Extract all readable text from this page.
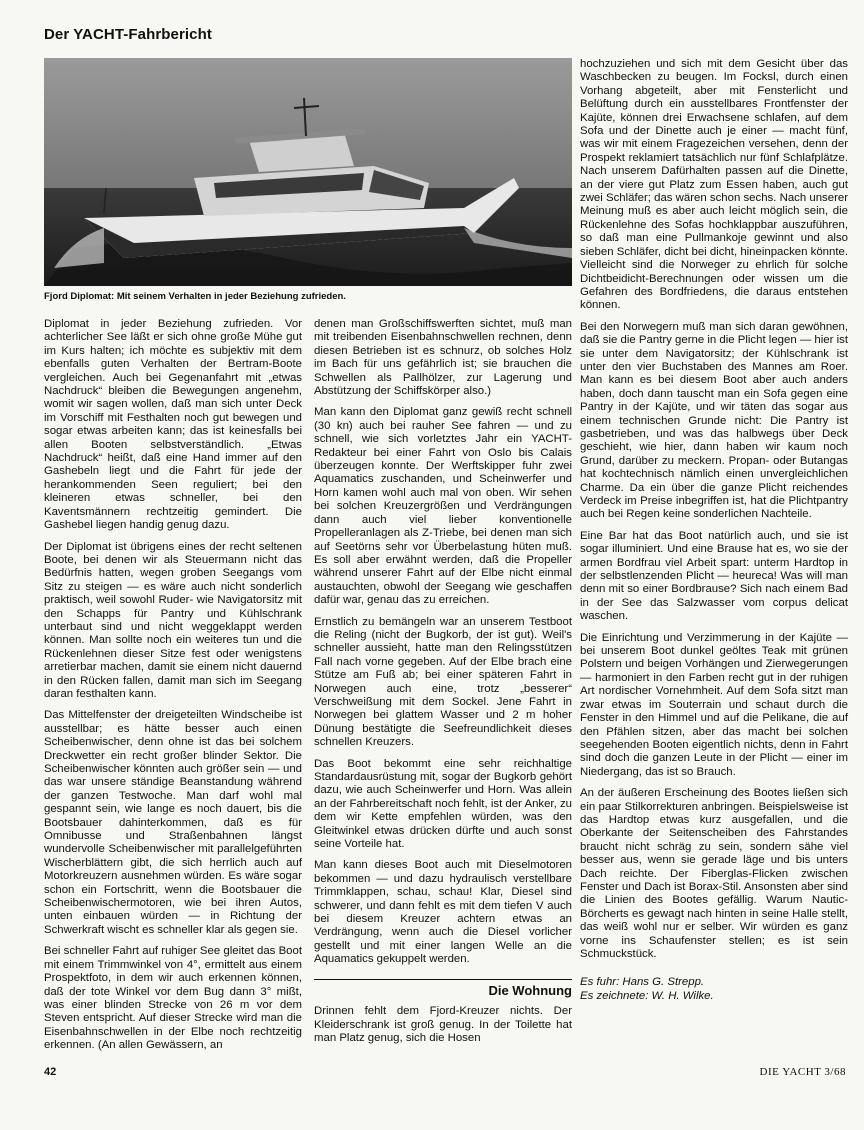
Der YACHT-Fahrbericht
Fjord Diplomat: Mit seinem Verhalten in jeder Beziehung zufrieden.

Diplomat in jeder Beziehung zufrieden. Vor achterlicher See läßt er sich ohne große Mühe gut im Kurs halten; ich möchte es subjektiv mit dem ebenfalls guten Verhalten der Bertram-Boote vergleichen. Auch bei Gegenanfahrt mit „etwas Nachdruck“ bleiben die Bewegungen angenehm, womit wir sagen wollen, daß man sich unter Deck im Vorschiff mit Festhalten noch gut bewegen und sogar etwas arbeiten kann; das ist keinesfalls bei allen Booten selbstverständlich. „Etwas Nachdruck“ heißt, daß eine Hand immer auf den Gashebeln liegt und die Fahrt für jede der herankommenden Seen reguliert; bei den kleineren etwas schneller, bei den Kaventsmännern rechtzeitig gemindert. Die Gashebel liegen handig genug dazu.

Der Diplomat ist übrigens eines der recht seltenen Boote, bei denen wir als Steuermann nicht das Bedürfnis hatten, wegen groben Seegangs vom Sitz zu steigen — es wäre auch nicht sonderlich praktisch, weil sowohl Ruder- wie Navigatorsitz mit den Schapps für Pantry und Kühlschrank unterbaut sind und nicht weggeklappt werden können. Man sollte noch ein weiteres tun und die Rückenlehnen dieser Sitze fest oder wenigstens arretierbar machen, damit sie einem nicht dauernd in den Rücken fallen, damit man sich im Seegang daran festhalten kann.

Das Mittelfenster der dreigeteilten Windscheibe ist ausstellbar; es hätte besser auch einen Scheibenwischer, denn ohne ist das bei solchem Dreckwetter ein recht großer blinder Sektor. Die Scheibenwischer könnten auch größer sein — und das war unsere ständige Beanstandung während der ganzen Testwoche. Man darf wohl mal gespannt sein, wie lange es noch dauert, bis die Bootsbauer dahinterkommen, daß es für Omnibusse und Straßenbahnen längst wundervolle Scheibenwischer mit parallelgeführten Wischerblättern gibt, die sich herrlich auch auf Motorkreuzern ausnehmen würden. Es wäre sogar schon ein Fortschritt, wenn die Bootsbauer die Scheibenwischermotoren, wie bei ihren Autos, unten einbauen würden — in Richtung der Schwerkraft wischt es schneller klar als gegen sie.

Bei schneller Fahrt auf ruhiger See gleitet das Boot mit einem Trimmwinkel von 4°, ermittelt aus einem Prospektfoto, in dem wir auch erkennen können, daß der tote Winkel vor dem Bug dann 3° mißt, was einer blinden Strecke von 26 m vor dem Steven entspricht. Auf dieser Strecke wird man die Eisenbahnschwellen in der Elbe noch rechtzeitig erkennen. (An allen Gewässern, an

denen man Großschiffswerften sichtet, muß man mit treibenden Eisenbahnschwellen rechnen, denn diesen Betrieben ist es schnurz, ob solches Holz im Bach für uns gefährlich ist; sie brauchen die Schwellen als Pallhölzer, zur Lagerung und Abstützung der Schiffskörper also.)

Man kann den Diplomat ganz gewiß recht schnell (30 kn) auch bei rauher See fahren — und zu schnell, wie sich vorletztes Jahr ein YACHT-Redakteur bei einer Fahrt von Oslo bis Calais überzeugen konnte. Der Werftskipper fuhr zwei Aquamatics zuschanden, und Scheinwerfer und Horn kamen wohl auch mal von oben. Wir sehen bei solchen Kreuzergrößen und Verdrängungen dann auch viel lieber konventionelle Propelleranlagen als Z-Triebe, bei denen man sich auf Seetörns sehr vor Überbelastung hüten muß. Es soll aber erwähnt werden, daß die Propeller während unserer Fahrt auf der Elbe nicht einmal austauchten, obwohl der Seegang wie geschaffen dafür war, genau das zu erreichen.

Ernstlich zu bemängeln war an unserem Testboot die Reling (nicht der Bugkorb, der ist gut). Weil's schneller aussieht, hatte man den Relingsstützen Fall nach vorne gegeben. Auf der Elbe brach eine Stütze am Fuß ab; bei einer späteren Fahrt in Norwegen auch eine, trotz „besserer“ Verschweißung mit dem Sockel. Jene Fahrt in Norwegen bei glattem Wasser und 2 m hoher Dünung bestätigte die Seefreundlichkeit dieses schnellen Kreuzers.

Das Boot bekommt eine sehr reichhaltige Standardausrüstung mit, sogar der Bugkorb gehört dazu, wie auch Scheinwerfer und Horn. Was allein an der Fahrbereitschaft noch fehlt, ist der Anker, zu dem wir Kette empfehlen würden, was den Gleitwinkel etwas drücken dürfte und auch sonst seine Vorteile hat.

Man kann dieses Boot auch mit Dieselmotoren bekommen — und dazu hydraulisch verstellbare Trimmklappen, schau, schau! Klar, Diesel sind schwerer, und dann fehlt es mit dem tiefen V auch bei diesem Kreuzer achtern etwas an Verdrängung, wenn auch die Diesel vorlicher gestellt und mit einer langen Welle an die Aquamatics gekuppelt werden.

Die Wohnung

Drinnen fehlt dem Fjord-Kreuzer nichts. Der Kleiderschrank ist groß genug. In der Toilette hat man Platz genug, sich die Hosen

hochzuziehen und sich mit dem Gesicht über das Waschbecken zu beugen. Im Focksl, durch einen Vorhang abgeteilt, aber mit Fensterlicht und Belüftung durch ein ausstellbares Frontfenster der Kajüte, können drei Erwachsene schlafen, auf dem Sofa und der Dinette auch je einer — macht fünf, was wir mit einem Fragezeichen versehen, denn der Prospekt reklamiert tatsächlich nur fünf Schlafplätze. Nach unserem Dafürhalten passen auf die Dinette, an der viere gut Platz zum Essen haben, auch gut zwei Schläfer; das wären schon sechs. Nach unserer Meinung muß es aber auch leicht möglich sein, die Rückenlehne des Sofas hochklappbar auszuführen, so daß man eine Pullmankoje gewinnt und also sieben Schläfer, dicht bei dicht, hineinpacken könnte. Vielleicht sind die Norweger zu ehrlich für solche Dichtbeidicht-Berechnungen oder wissen um die Gefahren des Bordfriedens, die daraus entstehen können.

Bei den Norwegern muß man sich daran gewöhnen, daß sie die Pantry gerne in die Plicht legen — hier ist sie unter dem Navigatorsitz; der Kühlschrank ist unter den vier Buchstaben des Mannes am Roer. Man kann es bei diesem Boot aber auch anders haben, doch dann tauscht man ein Sofa gegen eine Pantry in der Kajüte, und wir täten das sogar aus einem technischen Grunde nicht: Die Pantry ist gasbetrieben, und was das halbwegs über Deck geschieht, wie hier, dann haben wir kaum noch Grund, darüber zu meckern. Propan- oder Butangas hat kochtechnisch nämlich einen unvergleichlichen Charme. Da ein über die ganze Plicht reichendes Verdeck im Preise inbegriffen ist, hat die Plichtpantry auch bei Regen keine sonderlichen Nachteile.

Eine Bar hat das Boot natürlich auch, und sie ist sogar illuminiert. Und eine Brause hat es, wo sie der armen Bordfrau viel Arbeit spart: unterm Hardtop in der selbstlenzenden Plicht — heureca! Was will man denn mit so einer Bordbrause? Sich nach einem Bad in der See das Salzwasser vom corpus delicat waschen.

Die Einrichtung und Verzimmerung in der Kajüte — bei unserem Boot dunkel geöltes Teak mit grünen Polstern und beigen Vorhängen und Zierwegerungen — harmoniert in den Farben recht gut in der ruhigen Art nordischer Vornehmheit. Auf dem Sofa sitzt man zwar etwas im Souterrain und schaut durch die Fenster in den Himmel und auf die Pelikane, die auf den Pfählen sitzen, aber das macht bei solchen seegehenden Booten eigentlich nichts, denn in Fahrt sind doch die ganzen Leute in der Plicht — einer im Niedergang, das ist so Brauch.

An der äußeren Erscheinung des Bootes ließen sich ein paar Stilkorrekturen anbringen. Beispielsweise ist das Hardtop etwas kurz ausgefallen, und die Oberkante der Seitenscheiben des Fahrstandes braucht nicht schräg zu sein, sondern sähe viel besser aus, wenn sie gerade läge und bis unters Dach reichte. Der Fiberglas-Flicken zwischen Fenster und Dach ist Borax-Stil. Ansonsten aber sind die Linien des Bootes gefällig. Warum Nautic-Börcherts es gewagt nach hinten in seine Halle stellt, das weiß wohl nur er selber. Wir würden es ganz vorne ins Schaufenster stellen; es ist sein Schmuckstück.

Es fuhr: Hans G. Strepp.
Es zeichnete: W. H. Wilke.
42	DIE YACHT 3/68
